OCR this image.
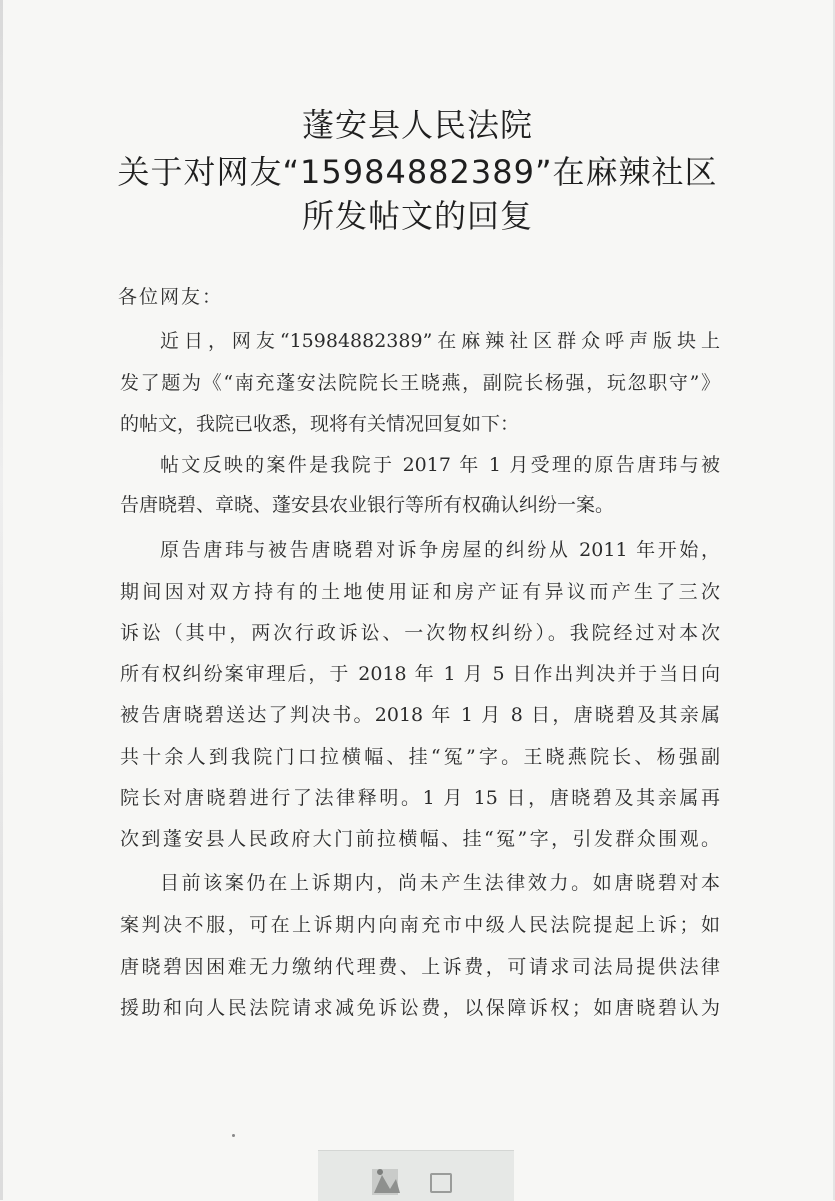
蓬安县人民法院
关于对网友“15984882389”在麻辣社区
所发帖文的回复
各位网友：
近日，网友“15984882389”在麻辣社区群众呼声版块上
发了题为《“南充蓬安法院院长王晓燕，副院长杨强，玩忽职守”》
的帖文，我院已收悉，现将有关情况回复如下：
帖文反映的案件是我院于 2017 年 1 月受理的原告唐玮与被
告唐晓碧、章晓、蓬安县农业银行等所有权确认纠纷一案。
原告唐玮与被告唐晓碧对诉争房屋的纠纷从 2011 年开始，
期间因对双方持有的土地使用证和房产证有异议而产生了三次
诉讼（其中，两次行政诉讼、一次物权纠纷）。我院经过对本次
所有权纠纷案审理后，于 2018 年 1 月 5 日作出判决并于当日向
被告唐晓碧送达了判决书。2018 年 1 月 8 日，唐晓碧及其亲属
共十余人到我院门口拉横幅、挂“冤”字。王晓燕院长、杨强副
院长对唐晓碧进行了法律释明。1 月 15 日，唐晓碧及其亲属再
次到蓬安县人民政府大门前拉横幅、挂“冤”字，引发群众围观。
目前该案仍在上诉期内，尚未产生法律效力。如唐晓碧对本
案判决不服，可在上诉期内向南充市中级人民法院提起上诉；如
唐晓碧因困难无力缴纳代理费、上诉费，可请求司法局提供法律
援助和向人民法院请求减免诉讼费，以保障诉权；如唐晓碧认为
